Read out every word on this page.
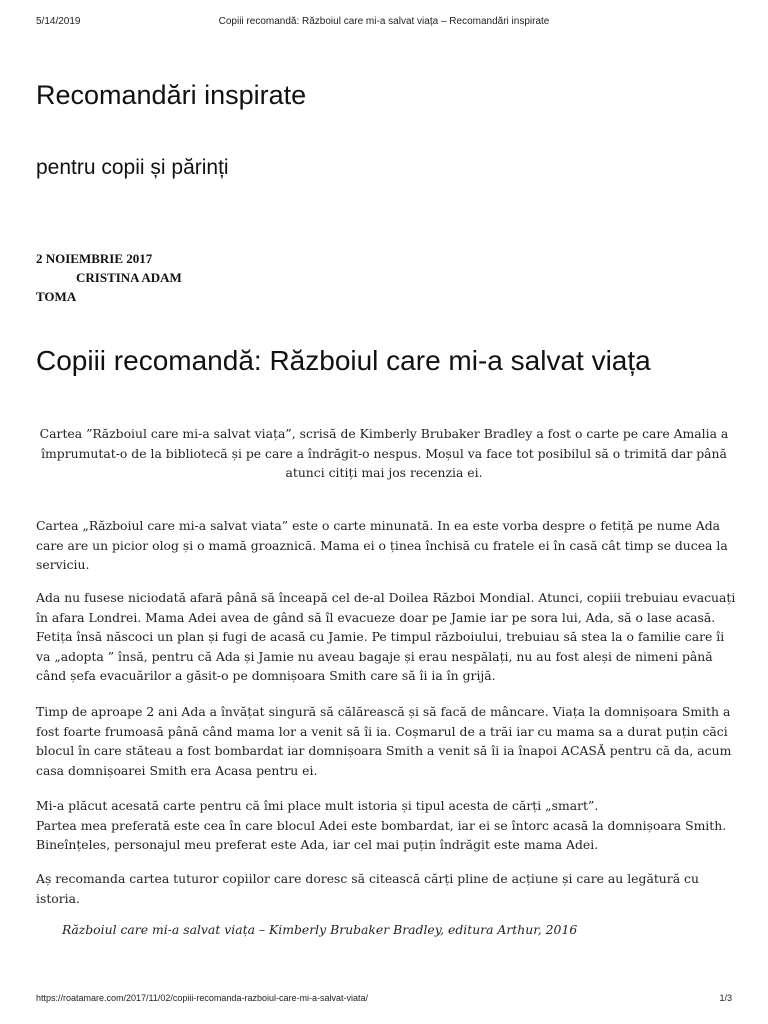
5/14/2019	Copiii recomandă: Războiul care mi-a salvat viața – Recomandări inspirate
Recomandări inspirate

pentru copii și părinți

2 NOIEMBRIE 2017
CRISTINA ADAM
TOMA
Copiii recomandă: Războiul care mi-a salvat viața

Cartea ”Războiul care mi-a salvat viața”, scrisă de Kimberly Brubaker Bradley a fost o carte pe care Amalia a împrumutat-o de la bibliotecă și pe care a îndrăgit-o nespus. Moșul va face tot posibilul să o trimită dar până atunci citiți mai jos recenzia ei.

Cartea „Războiul care mi-a salvat viata” este o carte minunată. In ea este vorba despre o fetiță pe nume Ada care are un picior olog și o mamă groaznică. Mama ei o ținea închisă cu fratele ei în casă cât timp se ducea la serviciu.

Ada nu fusese niciodată afară până să înceapă cel de-al Doilea Război Mondial. Atunci, copiii trebuiau evacuați în afara Londrei. Mama Adei avea de gând să îl evacueze doar pe Jamie iar pe sora lui, Ada, să o lase acasă. Fetița însă născoci un plan și fugi de acasă cu Jamie. Pe timpul războiului, trebuiau să stea la o familie care îi va „adopta ” însă, pentru că Ada și Jamie nu aveau bagaje și erau nespălați, nu au fost aleși de nimeni până când șefa evacuărilor a găsit-o pe domnișoara Smith care să îi ia în grijă.

Timp de aproape 2 ani Ada a învățat singură să călărească și să facă de mâncare. Viața la domnișoara Smith a fost foarte frumoasă până când mama lor a venit să îi ia. Coșmarul de a trăi iar cu mama sa a durat puțin căci blocul în care stăteau a fost bombardat iar domnișoara Smith a venit să îi ia înapoi ACASĂ pentru că da, acum casa domnișoarei Smith era Acasa pentru ei.

Mi-a plăcut acesată carte pentru că îmi place mult istoria și tipul acesta de cărți „smart”.
Partea mea preferată este cea în care blocul Adei este bombardat, iar ei se întorc acasă la domnișoara Smith. Bineînțeles, personajul meu preferat este Ada, iar cel mai puțin îndrăgit este mama Adei.

Aș recomanda cartea tuturor copiilor care doresc să citească cărți pline de acțiune și care au legătură cu istoria.

Războiul care mi-a salvat viața – Kimberly Brubaker Bradley, editura Arthur, 2016

https://roatamare.com/2017/11/02/copiii-recomanda-razboiul-care-mi-a-salvat-viata/	1/3
